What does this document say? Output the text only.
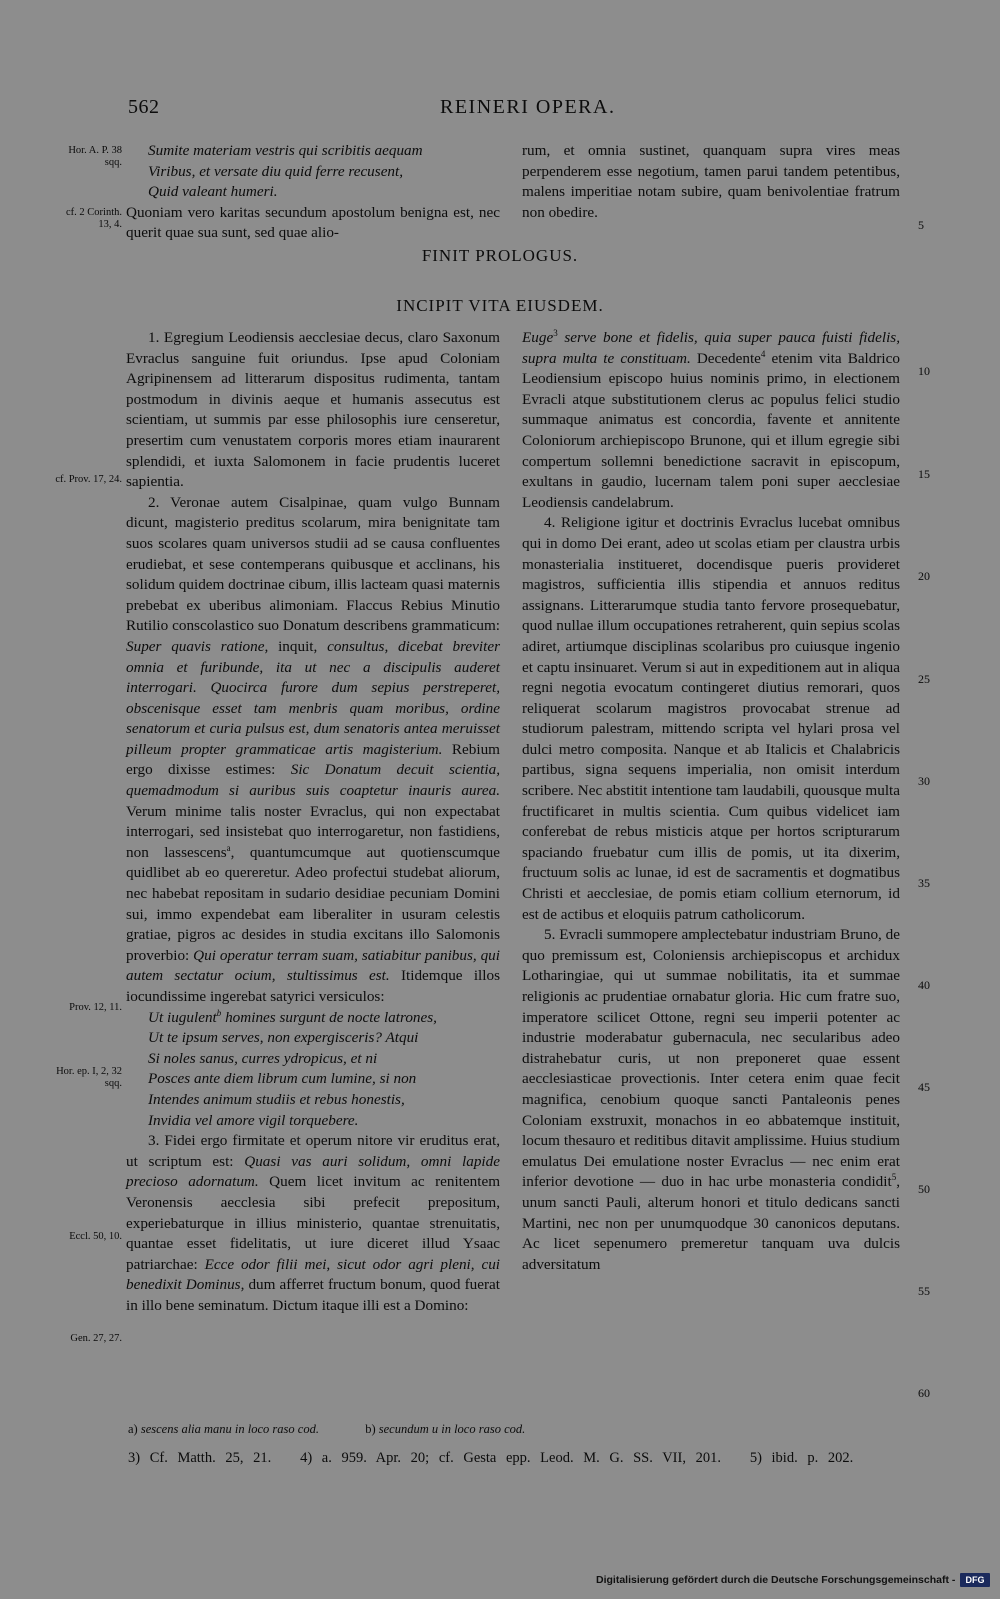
562	REINERI OPERA.

Sumite materiam vestris qui scribitis aequam

Viribus, et versate diu quid ferre recusent,

Quid valeant humeri.

Quoniam vero karitas secundum apostolum benigna est, nec querit quae sua sunt, sed quae alio-

rum, et omnia sustinet, quanquam supra vires meas perpenderem esse negotium, tamen parui tandem petentibus, malens imperitiae notam subire, quam benivolentiae fratrum non obedire.

FINIT PROLOGUS.
INCIPIT VITA EIUSDEM.

1. Egregium Leodiensis aecclesiae decus, claro Saxonum Evraclus sanguine fuit oriundus. Ipse apud Coloniam Agripinensem ad litterarum dispositus rudimenta, tantam postmodum in divinis aeque et humanis assecutus est scientiam, ut summis par esse philosophis iure censeretur, presertim cum venustatem corporis mores etiam inaurarent splendidi, et iuxta Salomonem in facie prudentis luceret sapientia.

2. Veronae autem Cisalpinae, quam vulgo Bunnam dicunt, magisterio preditus scolarum, mira benignitate tam suos scolares quam universos studii ad se causa confluentes erudiebat, et sese contemperans quibusque et acclinans, his solidum quidem doctrinae cibum, illis lacteam quasi maternis prebebat ex uberibus alimoniam. Flaccus Rebius Minutio Rutilio conscolastico suo Donatum describens grammaticum: Super quavis ratione, inquit, consultus, dicebat breviter omnia et furibunde, ita ut nec a discipulis auderet interrogari. Quocirca furore dum sepius perstreperet, obscenisque esset tam menbris quam moribus, ordine senatorum et curia pulsus est, dum senatoris antea meruisset pilleum propter grammaticae artis magisterium. Rebium ergo dixisse estimes: Sic Donatum decuit scientia, quemadmodum si auribus suis coaptetur inauris aurea. Verum minime talis noster Evraclus, qui non expectabat interrogari, sed insistebat quo interrogaretur, non fastidiens, non lassescens$^a$, quantumcumque aut quotienscumque quidlibet ab eo quereretur. Adeo profectui studebat aliorum, nec habebat repositam in sudario desidiae pecuniam Domini sui, immo expendebat eam liberaliter in usuram celestis gratiae, pigros ac desides in studia excitans illo Salomonis proverbio: Qui operatur terram suam, satiabitur panibus, qui autem sectatur ocium, stultissimus est. Itidemque illos iocundissime ingerebat satyrici versiculos:

Ut iugulent$^b$ homines surgunt de nocte latrones,

Ut te ipsum serves, non expergisceris? Atqui

Si noles sanus, curres ydropicus, et ni

Posces ante diem librum cum lumine, si non

Intendes animum studiis et rebus honestis,

Invidia vel amore vigil torquebere.

3. Fidei ergo firmitate et operum nitore vir eruditus erat, ut scriptum est: Quasi vas auri solidum, omni lapide precioso adornatum. Quem licet invitum ac renitentem Veronensis aecclesia sibi prefecit prepositum, experiebaturque in illius ministerio, quantae strenuitatis, quantae esset fidelitatis, ut iure diceret illud Ysaac patriarchae: Ecce odor filii mei, sicut odor agri pleni, cui benedixit Dominus, dum afferret fructum bonum, quod fuerat in illo bene seminatum. Dictum itaque illi est a Domino:

Euge$^3$ serve bone et fidelis, quia super pauca fuisti fidelis, supra multa te constituam. Decedente$^4$ etenim vita Baldrico Leodiensium episcopo huius nominis primo, in electionem Evracli atque substitutionem clerus ac populus felici studio summaque animatus est concordia, favente et annitente Coloniorum archiepiscopo Brunone, qui et illum egregie sibi compertum sollemni benedictione sacravit in episcopum, exultans in gaudio, lucernam talem poni super aecclesiae Leodiensis candelabrum.

4. Religione igitur et doctrinis Evraclus lucebat omnibus qui in domo Dei erant, adeo ut scolas etiam per claustra urbis monasterialia institueret, docendisque pueris provideret magistros, sufficientia illis stipendia et annuos reditus assignans. Litterarumque studia tanto fervore prosequebatur, quod nullae illum occupationes retraherent, quin sepius scolas adiret, artiumque disciplinas scolaribus pro cuiusque ingenio et captu insinuaret. Verum si aut in expeditionem aut in aliqua regni negotia evocatum contingeret diutius remorari, quos reliquerat scolarum magistros provocabat strenue ad studiorum palestram, mittendo scripta vel hylari prosa vel dulci metro composita. Nanque et ab Italicis et Chalabricis partibus, signa sequens imperialia, non omisit interdum scribere. Nec abstitit intentione tam laudabili, quousque multa fructificaret in multis scientia. Cum quibus videlicet iam conferebat de rebus misticis atque per hortos scripturarum spaciando fruebatur cum illis de pomis, ut ita dixerim, fructuum solis ac lunae, id est de sacramentis et dogmatibus Christi et aecclesiae, de pomis etiam collium eternorum, id est de actibus et eloquiis patrum catholicorum.

5. Evracli summopere amplectebatur industriam Bruno, de quo premissum est, Coloniensis archiepiscopus et archidux Lotharingiae, qui ut summae nobilitatis, ita et summae religionis ac prudentiae ornabatur gloria. Hic cum fratre suo, imperatore scilicet Ottone, regni seu imperii potenter ac industrie moderabatur gubernacula, nec secularibus adeo distrahebatur curis, ut non preponeret quae essent aecclesiasticae provectionis. Inter cetera enim quae fecit magnifica, cenobium quoque sancti Pantaleonis penes Coloniam exstruxit, monachos in eo abbatemque instituit, locum thesauro et reditibus ditavit amplissime. Huius studium emulatus Dei emulatione noster Evraclus — nec enim erat inferior devotione — duo in hac urbe monasteria condidit$^5$, unum sancti Pauli, alterum honori et titulo dedicans sancti Martini, nec non per unumquodque 30 canonicos deputans. Ac licet sepenumero premeretur tanquam uva dulcis adversitatum

Hor. A. P. 38 sqq.
cf. 2 Corinth. 13, 4.
cf. Prov. 17, 24.
Prov. 12, 11.
Hor. ep. I, 2, 32 sqq.
Eccl. 50, 10.
Gen. 27, 27.
5
10
15
20
25
30
35
40
45
50
55
60
a) sescens alia manu in loco raso cod.	b) secundum u in loco raso cod.
3) Cf. Matth. 25, 21.   4) a. 959. Apr. 20; cf. Gesta epp. Leod. M. G. SS. VII, 201.   5) ibid. p. 202.
Digitalisierung gefördert durch die Deutsche Forschungsgemeinschaft -	DFG
